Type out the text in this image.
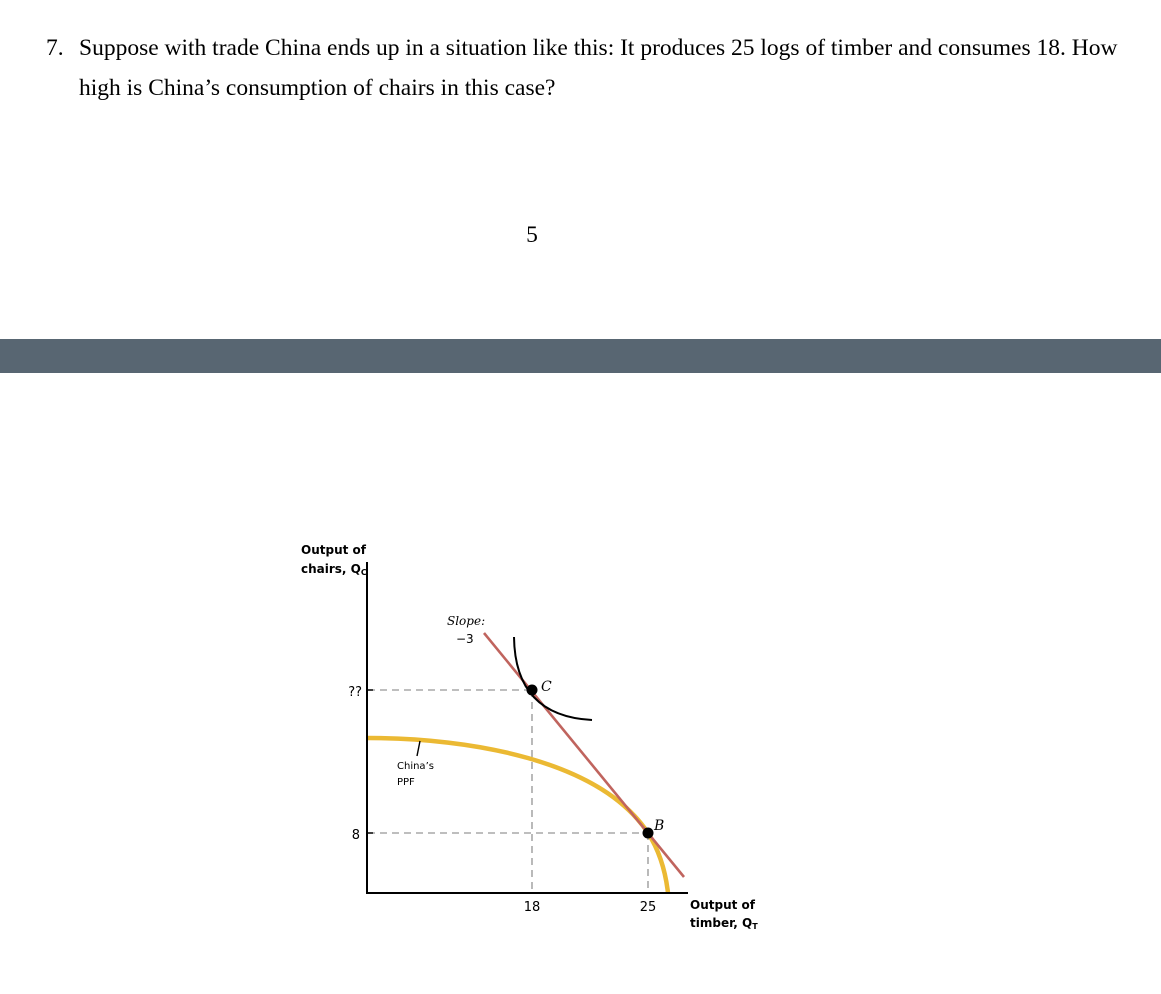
7. Suppose with trade China ends up in a situation like this: It produces 25 logs of timber and consumes 18. How high is China’s consumption of chairs in this case?
5
Output of
chairs, QC
Output of
timber, QT
??
8
18	25
Slope:
−3
China’s
PPF
C
B
